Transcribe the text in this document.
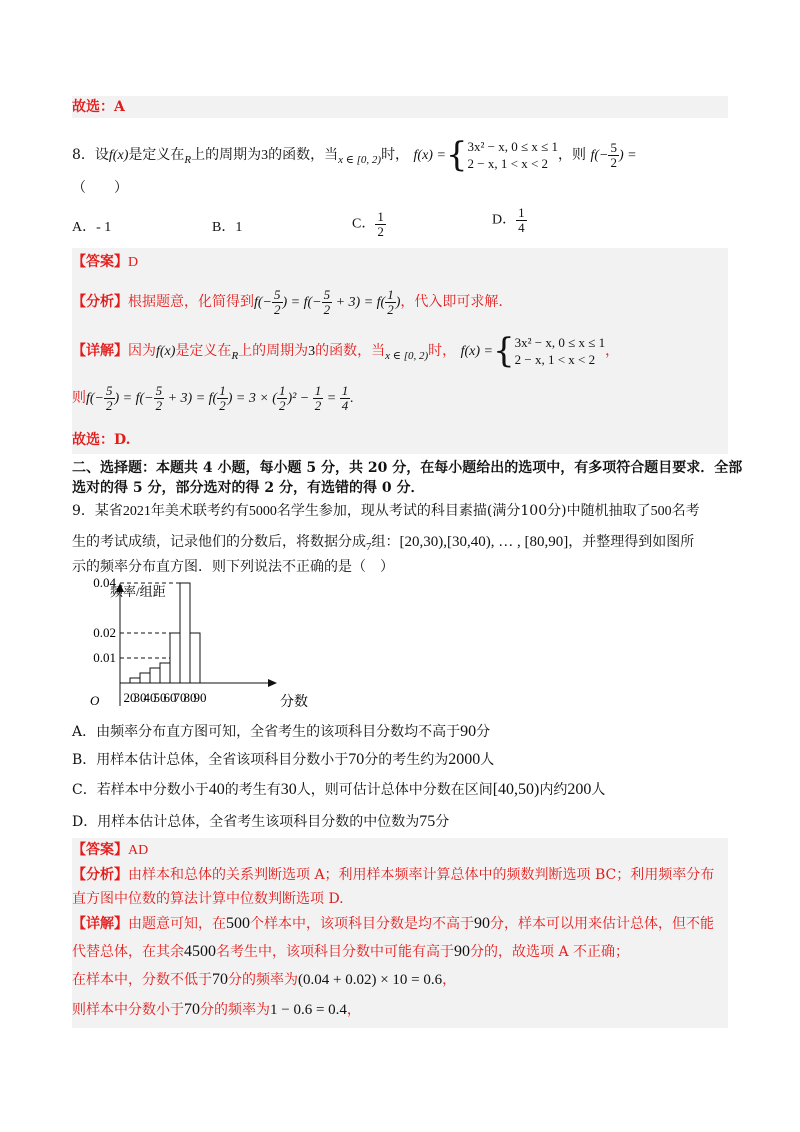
故选：A
8．设f(x)是定义在$_R$上的周期为3的函数，当$_{x \in [0, 2)}$时， f(x) ={3x² − x, 0 ≤ x ≤ 1
2 − x, 1 < x < 2，则 $f(- \frac{5}{2}$ ) =
（　　）
A．- 1	B．1	C． $\frac{1}{2}$	D． $\frac{1}{4}$
【答案】D
【分析】根据题意，化简得到$f(- \frac{5}{2}$ ) = $f(- \frac{5}{2} + 3) = f( \frac{1}{2}$ )，代入即可求解.
【详解】因为f(x)是定义在$_R$上的周期为3的函数，当$_{x \in [0, 2)}$时， f(x) ={3x² − x, 0 ≤ x ≤ 1
2 − x, 1 < x < 2，
则$f(- \frac{5}{2}$ ) = $f(- \frac{5}{2} + 3) = f( \frac{1}{2}$ ) = 3 × ( $\frac{1}{2} )^2 - \frac{1}{2} = \frac{1}{4}$ .
故选：D.
二、选择题：本题共 4 小题，每小题 5 分，共 20 分，在每小题给出的选项中，有多项符合题目要求．全部
选对的得 5 分，部分选对的得 2 分，有选错的得 0 分．
9．某省2021年美术联考约有5000名学生参加，现从考试的科目素描(满分100分)中随机抽取了500名考
生的考试成绩，记录他们的分数后，将数据分成$_7$组：[20,30),[30,40), … , [80,90]，并整理得到如图所
示的频率分布直方图．则下列说法不正确的是（　）
频率/组距
分数
O 20
30
40
50
60
70
80
90
0.01
0.02
0.04
A．由频率分布直方图可知，全省考生的该项科目分数均不高于90分
B．用样本估计总体，全省该项科目分数小于70分的考生约为2000人
C．若样本中分数小于40的考生有30人，则可估计总体中分数在区间[40,50)内约200人
D．用样本估计总体，全省考生该项科目分数的中位数为75分
【答案】AD
【分析】由样本和总体的关系判断选项 A；利用样本频率计算总体中的频数判断选项 BC；利用频率分布
直方图中位数的算法计算中位数判断选项 D.
【详解】由题意可知，在500个样本中，该项科目分数是均不高于90分，样本可以用来估计总体，但不能
代替总体，在其余4500名考生中，该项科目分数中可能有高于90分的，故选项 A 不正确；
在样本中，分数不低于70分的频率为(0.04 + 0.02) × 10 = 0.6，
则样本中分数小于70分的频率为1 − 0.6 = 0.4，
